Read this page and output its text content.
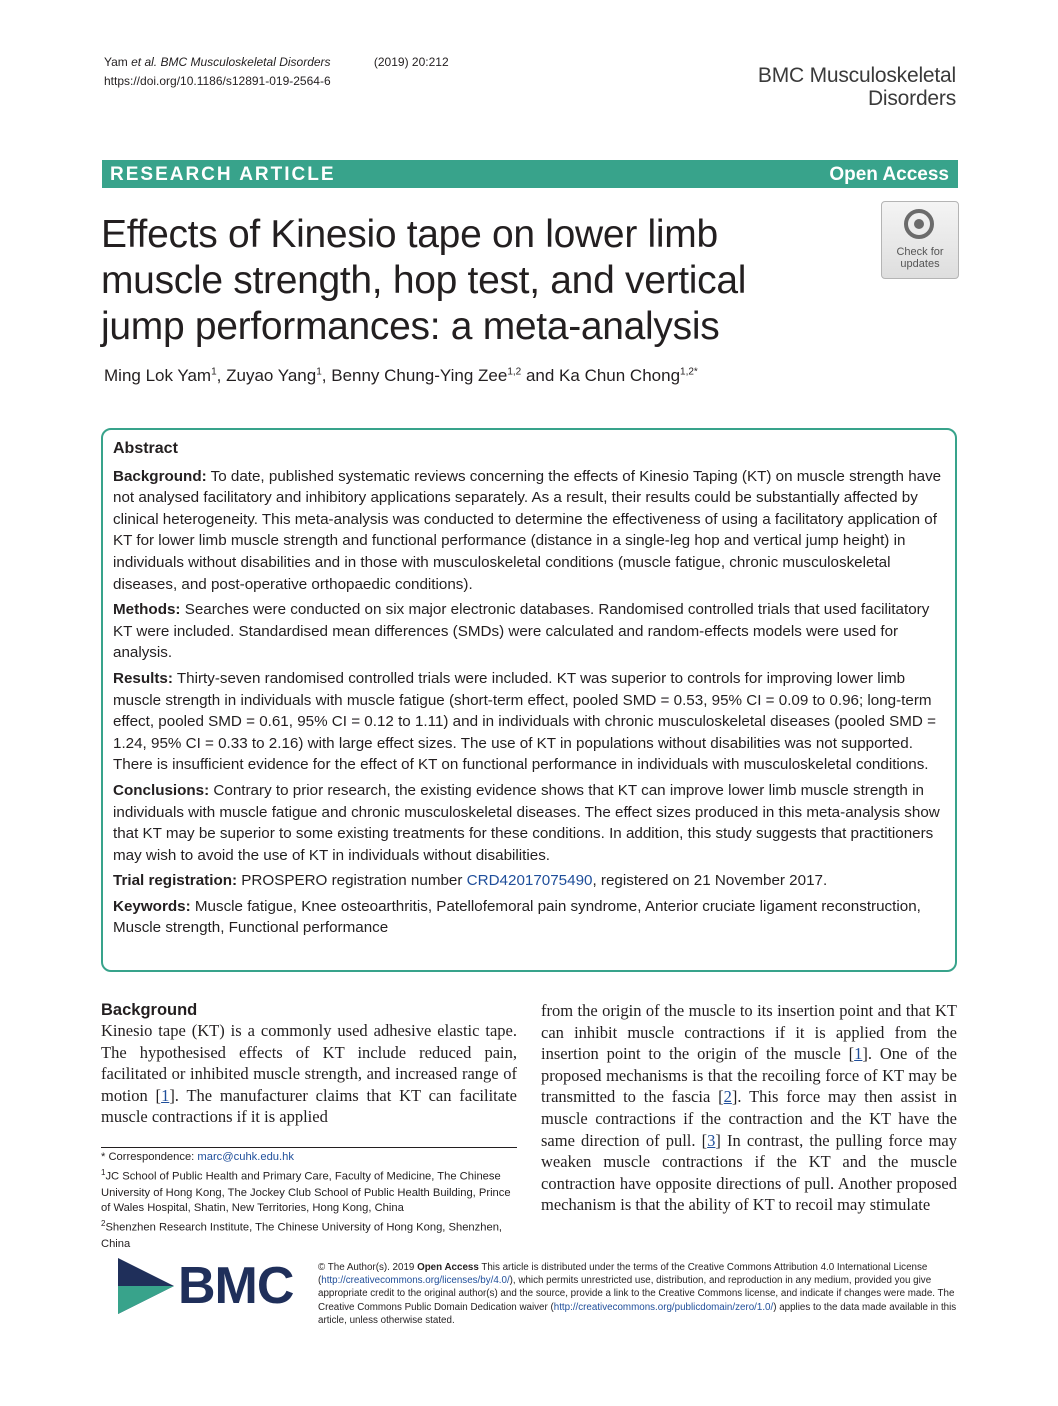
Yam et al. BMC Musculoskeletal Disorders	(2019) 20:212
https://doi.org/10.1186/s12891-019-2564-6	BMC Musculoskeletal
Disorders
RESEARCH ARTICLE	Open Access
Effects of Kinesio tape on lower limb muscle strength, hop test, and vertical jump performances: a meta-analysis
Check for
updates
Ming Lok Yam$^1$, Zuyao Yang$^1$, Benny Chung-Ying Zee$^{1,2}$ and Ka Chun Chong$^{1,2*}$
Abstract

Background: To date, published systematic reviews concerning the effects of Kinesio Taping (KT) on muscle strength have not analysed facilitatory and inhibitory applications separately. As a result, their results could be substantially affected by clinical heterogeneity. This meta-analysis was conducted to determine the effectiveness of using a facilitatory application of KT for lower limb muscle strength and functional performance (distance in a single-leg hop and vertical jump height) in individuals without disabilities and in those with musculoskeletal conditions (muscle fatigue, chronic musculoskeletal diseases, and post-operative orthopaedic conditions).

Methods: Searches were conducted on six major electronic databases. Randomised controlled trials that used facilitatory KT were included. Standardised mean differences (SMDs) were calculated and random-effects models were used for analysis.

Results: Thirty-seven randomised controlled trials were included. KT was superior to controls for improving lower limb muscle strength in individuals with muscle fatigue (short-term effect, pooled SMD = 0.53, 95% CI = 0.09 to 0.96; long-term effect, pooled SMD = 0.61, 95% CI = 0.12 to 1.11) and in individuals with chronic musculoskeletal diseases (pooled SMD = 1.24, 95% CI = 0.33 to 2.16) with large effect sizes. The use of KT in populations without disabilities was not supported. There is insufficient evidence for the effect of KT on functional performance in individuals with musculoskeletal conditions.

Conclusions: Contrary to prior research, the existing evidence shows that KT can improve lower limb muscle strength in individuals with muscle fatigue and chronic musculoskeletal diseases. The effect sizes produced in this meta-analysis show that KT may be superior to some existing treatments for these conditions. In addition, this study suggests that practitioners may wish to avoid the use of KT in individuals without disabilities.

Trial registration: PROSPERO registration number CRD42017075490, registered on 21 November 2017.

Keywords: Muscle fatigue, Knee osteoarthritis, Patellofemoral pain syndrome, Anterior cruciate ligament reconstruction, Muscle strength, Functional performance

Background

Kinesio tape (KT) is a commonly used adhesive elastic tape. The hypothesised effects of KT include reduced pain, facilitated or inhibited muscle strength, and increased range of motion [1]. The manufacturer claims that KT can facilitate muscle contractions if it is applied

from the origin of the muscle to its insertion point and that KT can inhibit muscle contractions if it is applied from the insertion point to the origin of the muscle [1]. One of the proposed mechanisms is that the recoiling force of KT may be transmitted to the fascia [2]. This force may then assist in muscle contractions if the contraction and the KT have the same direction of pull. [3] In contrast, the pulling force may weaken muscle contractions if the KT and the muscle contraction have opposite directions of pull. Another proposed mechanism is that the ability of KT to recoil may stimulate

* Correspondence: marc@cuhk.edu.hk

$^1$JC School of Public Health and Primary Care, Faculty of Medicine, The Chinese University of Hong Kong, The Jockey Club School of Public Health Building, Prince of Wales Hospital, Shatin, New Territories, Hong Kong, China

$^2$Shenzhen Research Institute, The Chinese University of Hong Kong, Shenzhen, China

BMC	© The Author(s). 2019 Open Access This article is distributed under the terms of the Creative Commons Attribution 4.0 International License (http://creativecommons.org/licenses/by/4.0/), which permits unrestricted use, distribution, and reproduction in any medium, provided you give appropriate credit to the original author(s) and the source, provide a link to the Creative Commons license, and indicate if changes were made. The Creative Commons Public Domain Dedication waiver (http://creativecommons.org/publicdomain/zero/1.0/) applies to the data made available in this article, unless otherwise stated.
